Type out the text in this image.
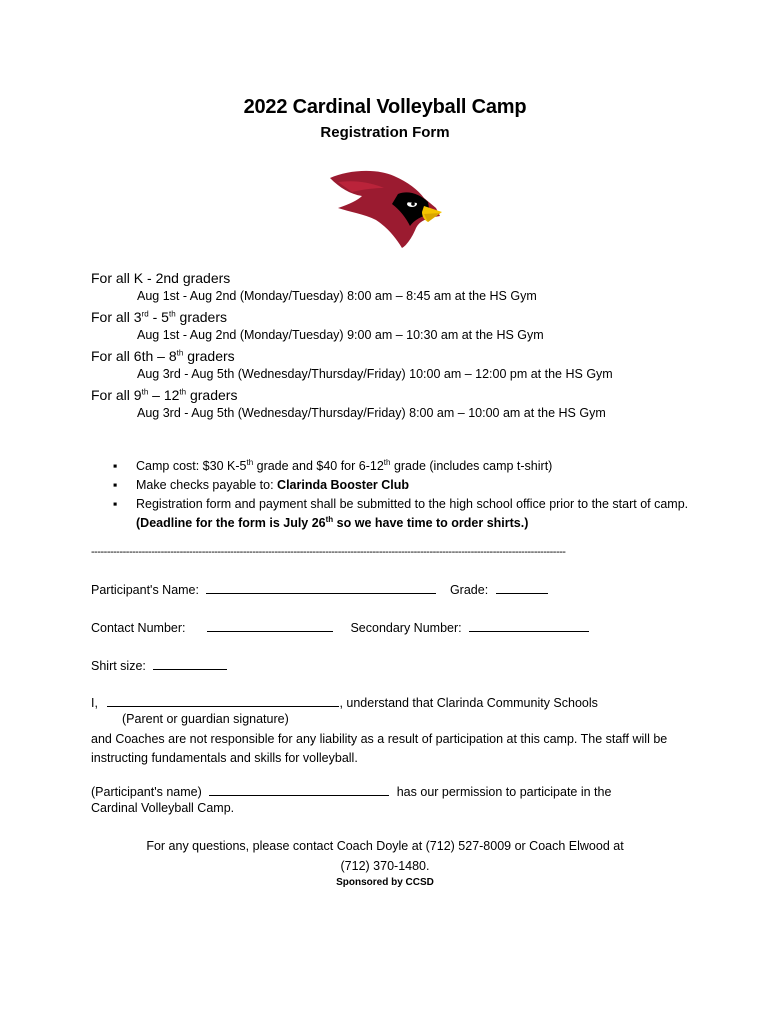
2022 Cardinal Volleyball Camp
Registration Form
For all K - 2nd graders
Aug 1st - Aug 2nd (Monday/Tuesday) 8:00 am – 8:45 am at the HS Gym
For all 3rd - 5th graders
Aug 1st - Aug 2nd (Monday/Tuesday) 9:00 am – 10:30 am at the HS Gym
For all 6th – 8th graders
Aug 3rd - Aug 5th (Wednesday/Thursday/Friday) 10:00 am – 12:00 pm at the HS Gym
For all 9th – 12th graders
Aug 3rd - Aug 5th (Wednesday/Thursday/Friday) 8:00 am – 10:00 am at the HS Gym
▪ Camp cost: $30 K-5th grade and $40 for 6-12th grade (includes camp t-shirt)
▪ Make checks payable to: Clarinda Booster Club
▪ Registration form and payment shall be submitted to the high school office prior to the start of camp. (Deadline for the form is July 26th so we have time to order shirts.)
------------------------------------------------------------------------------------------------------------------------------------------------------
Participant's Name:	Grade:
Contact Number:	Secondary Number:
Shirt size:
I,	, understand that Clarinda Community Schools
(Parent or guardian signature)
and Coaches are not responsible for any liability as a result of participation at this camp. The staff will be instructing fundamentals and skills for volleyball.
(Participant's name)	has our permission to participate in the
Cardinal Volleyball Camp.
For any questions, please contact Coach Doyle at (712) 527-8009 or Coach Elwood at
(712) 370-1480.
Sponsored by CCSD
